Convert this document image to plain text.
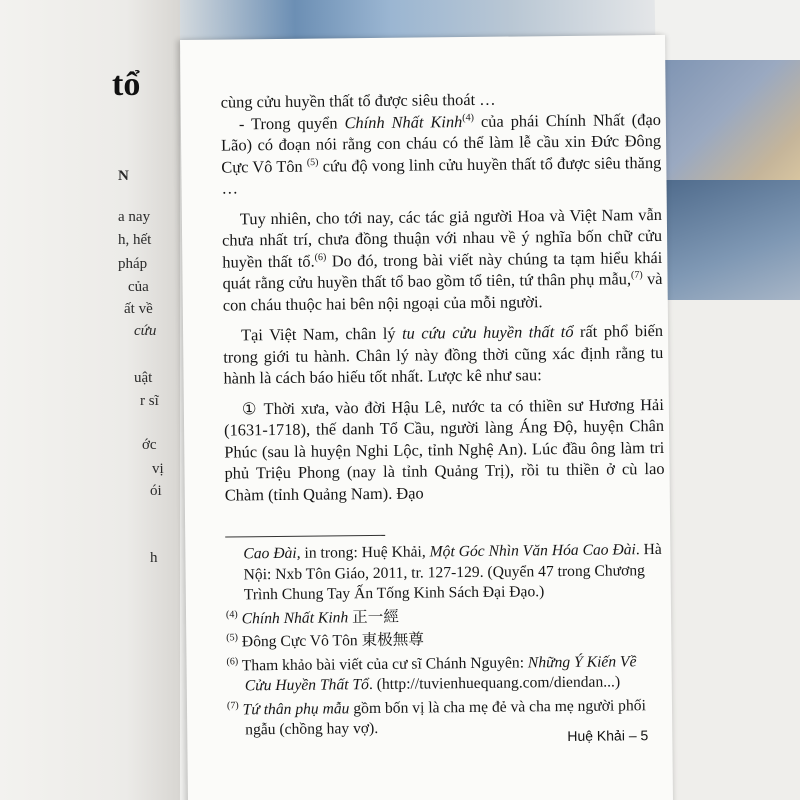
tổ
N
a nay
h, hết
pháp
của
ất về
cứu
uật
r sĩ
ớc
vị
ói
h

cùng cửu huyền thất tổ được siêu thoát …

- Trong quyển Chính Nhất Kinh$^{(4)}$ của phái Chính Nhất (đạo Lão) có đoạn nói rằng con cháu có thể làm lễ cầu xin Đức Đông Cực Vô Tôn $^{(5)}$ cứu độ vong linh cửu huyền thất tổ được siêu thăng …

Tuy nhiên, cho tới nay, các tác giả người Hoa và Việt Nam vẫn chưa nhất trí, chưa đồng thuận với nhau về ý nghĩa bốn chữ cửu huyền thất tổ.$^{(6)}$ Do đó, trong bài viết này chúng ta tạm hiểu khái quát rằng cửu huyền thất tổ bao gồm tổ tiên, tứ thân phụ mẫu,$^{(7)}$ và con cháu thuộc hai bên nội ngoại của mỗi người.

Tại Việt Nam, chân lý tu cứu cửu huyền thất tổ rất phổ biến trong giới tu hành. Chân lý này đồng thời cũng xác định rằng tu hành là cách báo hiếu tốt nhất. Lược kê như sau:

① Thời xưa, vào đời Hậu Lê, nước ta có thiền sư Hương Hải (1631-1718), thế danh Tổ Cầu, người làng Áng Độ, huyện Chân Phúc (sau là huyện Nghi Lộc, tỉnh Nghệ An). Lúc đầu ông làm tri phủ Triệu Phong (nay là tỉnh Quảng Trị), rồi tu thiền ở cù lao Chàm (tỉnh Quảng Nam). Đạo

Cao Đài, in trong: Huệ Khải, Một Góc Nhìn Văn Hóa Cao Đài. Hà Nội: Nxb Tôn Giáo, 2011, tr. 127-129. (Quyển 47 trong Chương Trình Chung Tay Ấn Tống Kinh Sách Đại Đạo.)

$^{(4)}$ Chính Nhất Kinh 正一經

$^{(5)}$ Đông Cực Vô Tôn 東极無尊

$^{(6)}$ Tham khảo bài viết của cư sĩ Chánh Nguyên: Những Ý Kiến Về Cửu Huyền Thất Tổ. (http://tuvienhuequang.com/diendan...)

$^{(7)}$ Tứ thân phụ mẫu gồm bốn vị là cha mẹ đẻ và cha mẹ người phối ngẫu (chồng hay vợ).	Huệ Khải – 5
